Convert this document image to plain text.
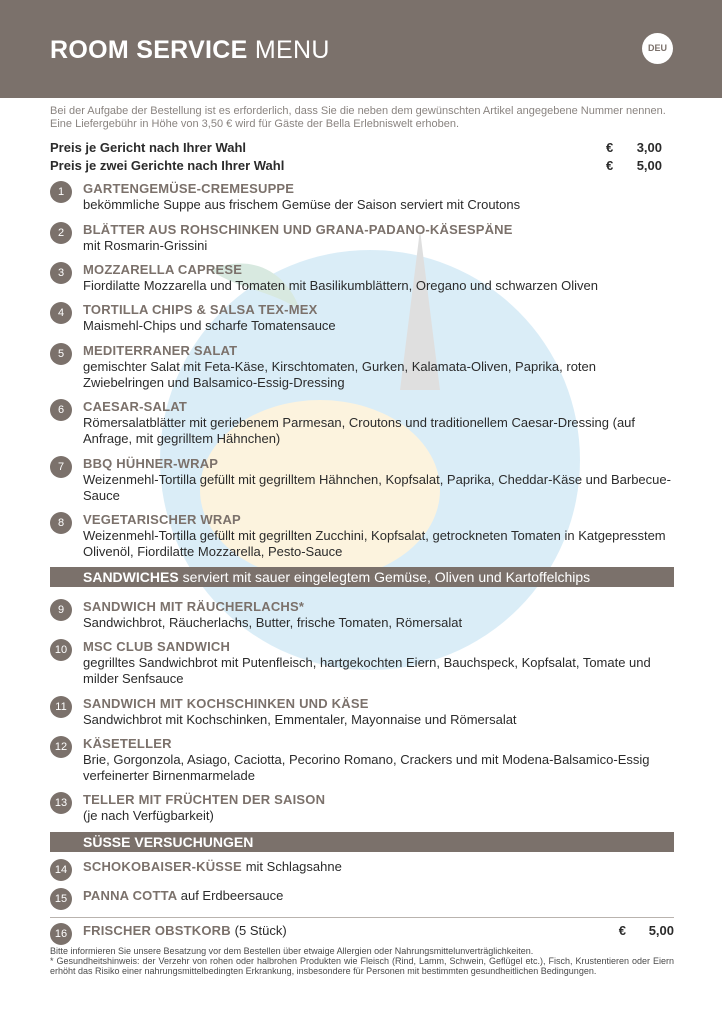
ROOM SERVICE MENU	DEU
Bei der Aufgabe der Bestellung ist es erforderlich, dass Sie die neben dem gewünschten Artikel angegebene Nummer nennen. Eine Liefergebühr in Höhe von 3,50 € wird für Gäste der Bella Erlebniswelt erhoben.
Preis je Gericht nach Ihrer Wahl	€ 3,00
Preis je zwei Gerichte nach Ihrer Wahl	€ 5,00
1	GARTENGEMÜSE-CREMESUPPE
bekömmliche Suppe aus frischem Gemüse der Saison serviert mit Croutons
2	BLÄTTER AUS ROHSCHINKEN UND GRANA-PADANO-KÄSESPÄNE
mit Rosmarin-Grissini
3	MOZZARELLA CAPRESE
Fiordilatte Mozzarella und Tomaten mit Basilikumblättern, Oregano und schwarzen Oliven
4	TORTILLA CHIPS & SALSA TEX-MEX
Maismehl-Chips und scharfe Tomatensauce
5	MEDITERRANER SALAT
gemischter Salat mit Feta-Käse, Kirschtomaten, Gurken, Kalamata-Oliven, Paprika, roten Zwiebelringen und Balsamico-Essig-Dressing
6	CAESAR-SALAT
Römersalatblätter mit geriebenem Parmesan, Croutons und traditionellem Caesar-Dressing (auf Anfrage, mit gegrilltem Hähnchen)
7	BBQ HÜHNER-WRAP
Weizenmehl-Tortilla gefüllt mit gegrilltem Hähnchen, Kopfsalat, Paprika, Cheddar-Käse und Barbecue-Sauce
8	VEGETARISCHER WRAP
Weizenmehl-Tortilla gefüllt mit gegrillten Zucchini, Kopfsalat, getrockneten Tomaten in Katgepresstem Olivenöl, Fiordilatte Mozzarella, Pesto-Sauce
SANDWICHES serviert mit sauer eingelegtem Gemüse, Oliven und Kartoffelchips
9	SANDWICH MIT RÄUCHERLACHS*
Sandwichbrot, Räucherlachs, Butter, frische Tomaten, Römersalat
10	MSC CLUB SANDWICH
gegrilltes Sandwichbrot mit Putenfleisch, hartgekochten Eiern, Bauchspeck, Kopfsalat, Tomate und milder Senfsauce
11	SANDWICH MIT KOCHSCHINKEN UND KÄSE
Sandwichbrot mit Kochschinken, Emmentaler, Mayonnaise und Römersalat
12	KÄSETELLER
Brie, Gorgonzola, Asiago, Caciotta, Pecorino Romano, Crackers und mit Modena-Balsamico-Essig verfeinerter Birnenmarmelade
13	TELLER MIT FRÜCHTEN DER SAISON
(je nach Verfügbarkeit)
SÜSSE VERSUCHUNGEN
14	SCHOKOBAISER-KÜSSE mit Schlagsahne
15	PANNA COTTA auf Erdbeersauce
16	FRISCHER OBSTKORB (5 Stück)	€ 5,00
Bitte informieren Sie unsere Besatzung vor dem Bestellen über etwaige Allergien oder Nahrungsmittelunverträglichkeiten.
* Gesundheitshinweis: der Verzehr von rohen oder halbrohen Produkten wie Fleisch (Rind, Lamm, Schwein, Geflügel etc.), Fisch, Krustentieren oder Eiern erhöht das Risiko einer nahrungsmittelbedingten Erkrankung, insbesondere für Personen mit bestimmten gesundheitlichen Bedingungen.
